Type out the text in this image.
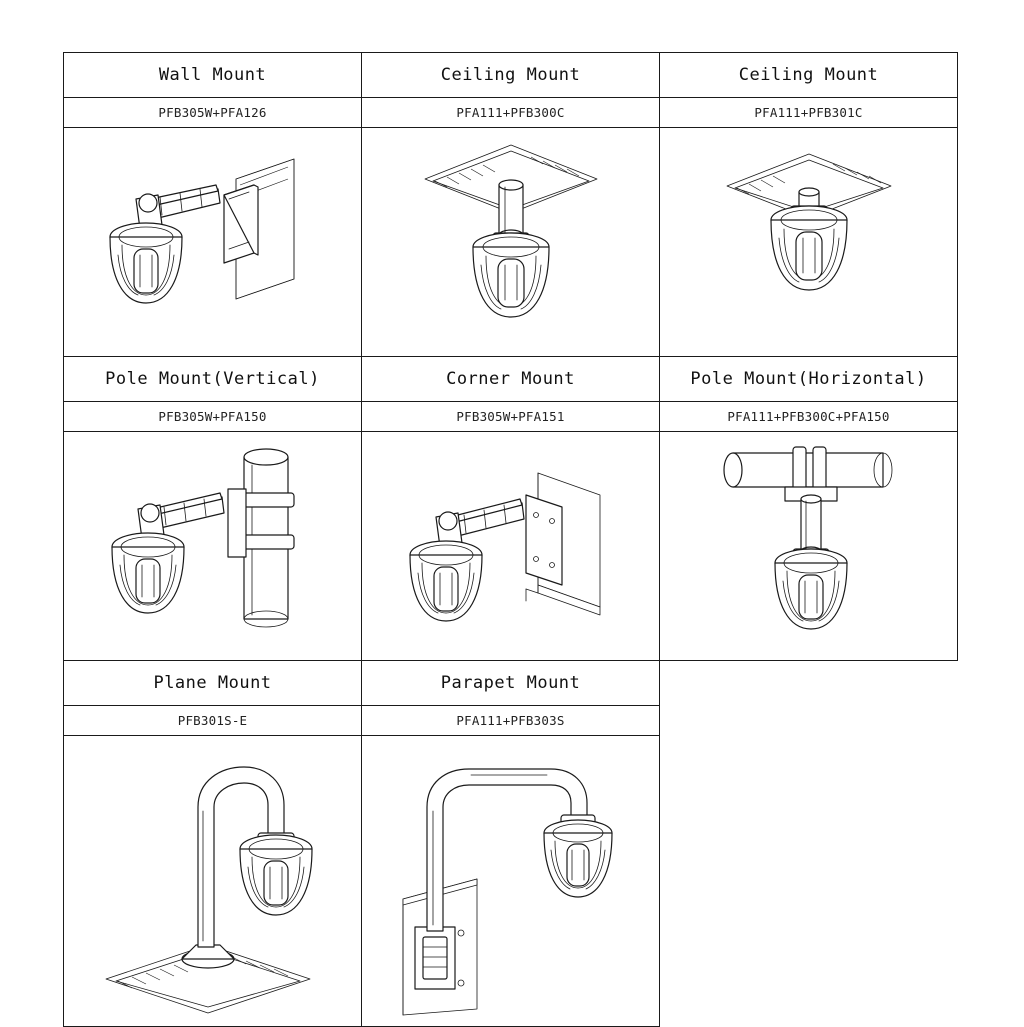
Wall Mount	Ceiling Mount	Ceiling Mount
PFB305W+PFA126	PFA111+PFB300C	PFA111+PFB301C

Pole Mount(Vertical)	Corner Mount	Pole Mount(Horizontal)
PFB305W+PFA150	PFB305W+PFA151	PFA111+PFB300C+PFA150

Plane Mount	Parapet Mount	
PFB301S-E	PFA111+PFB303S	
